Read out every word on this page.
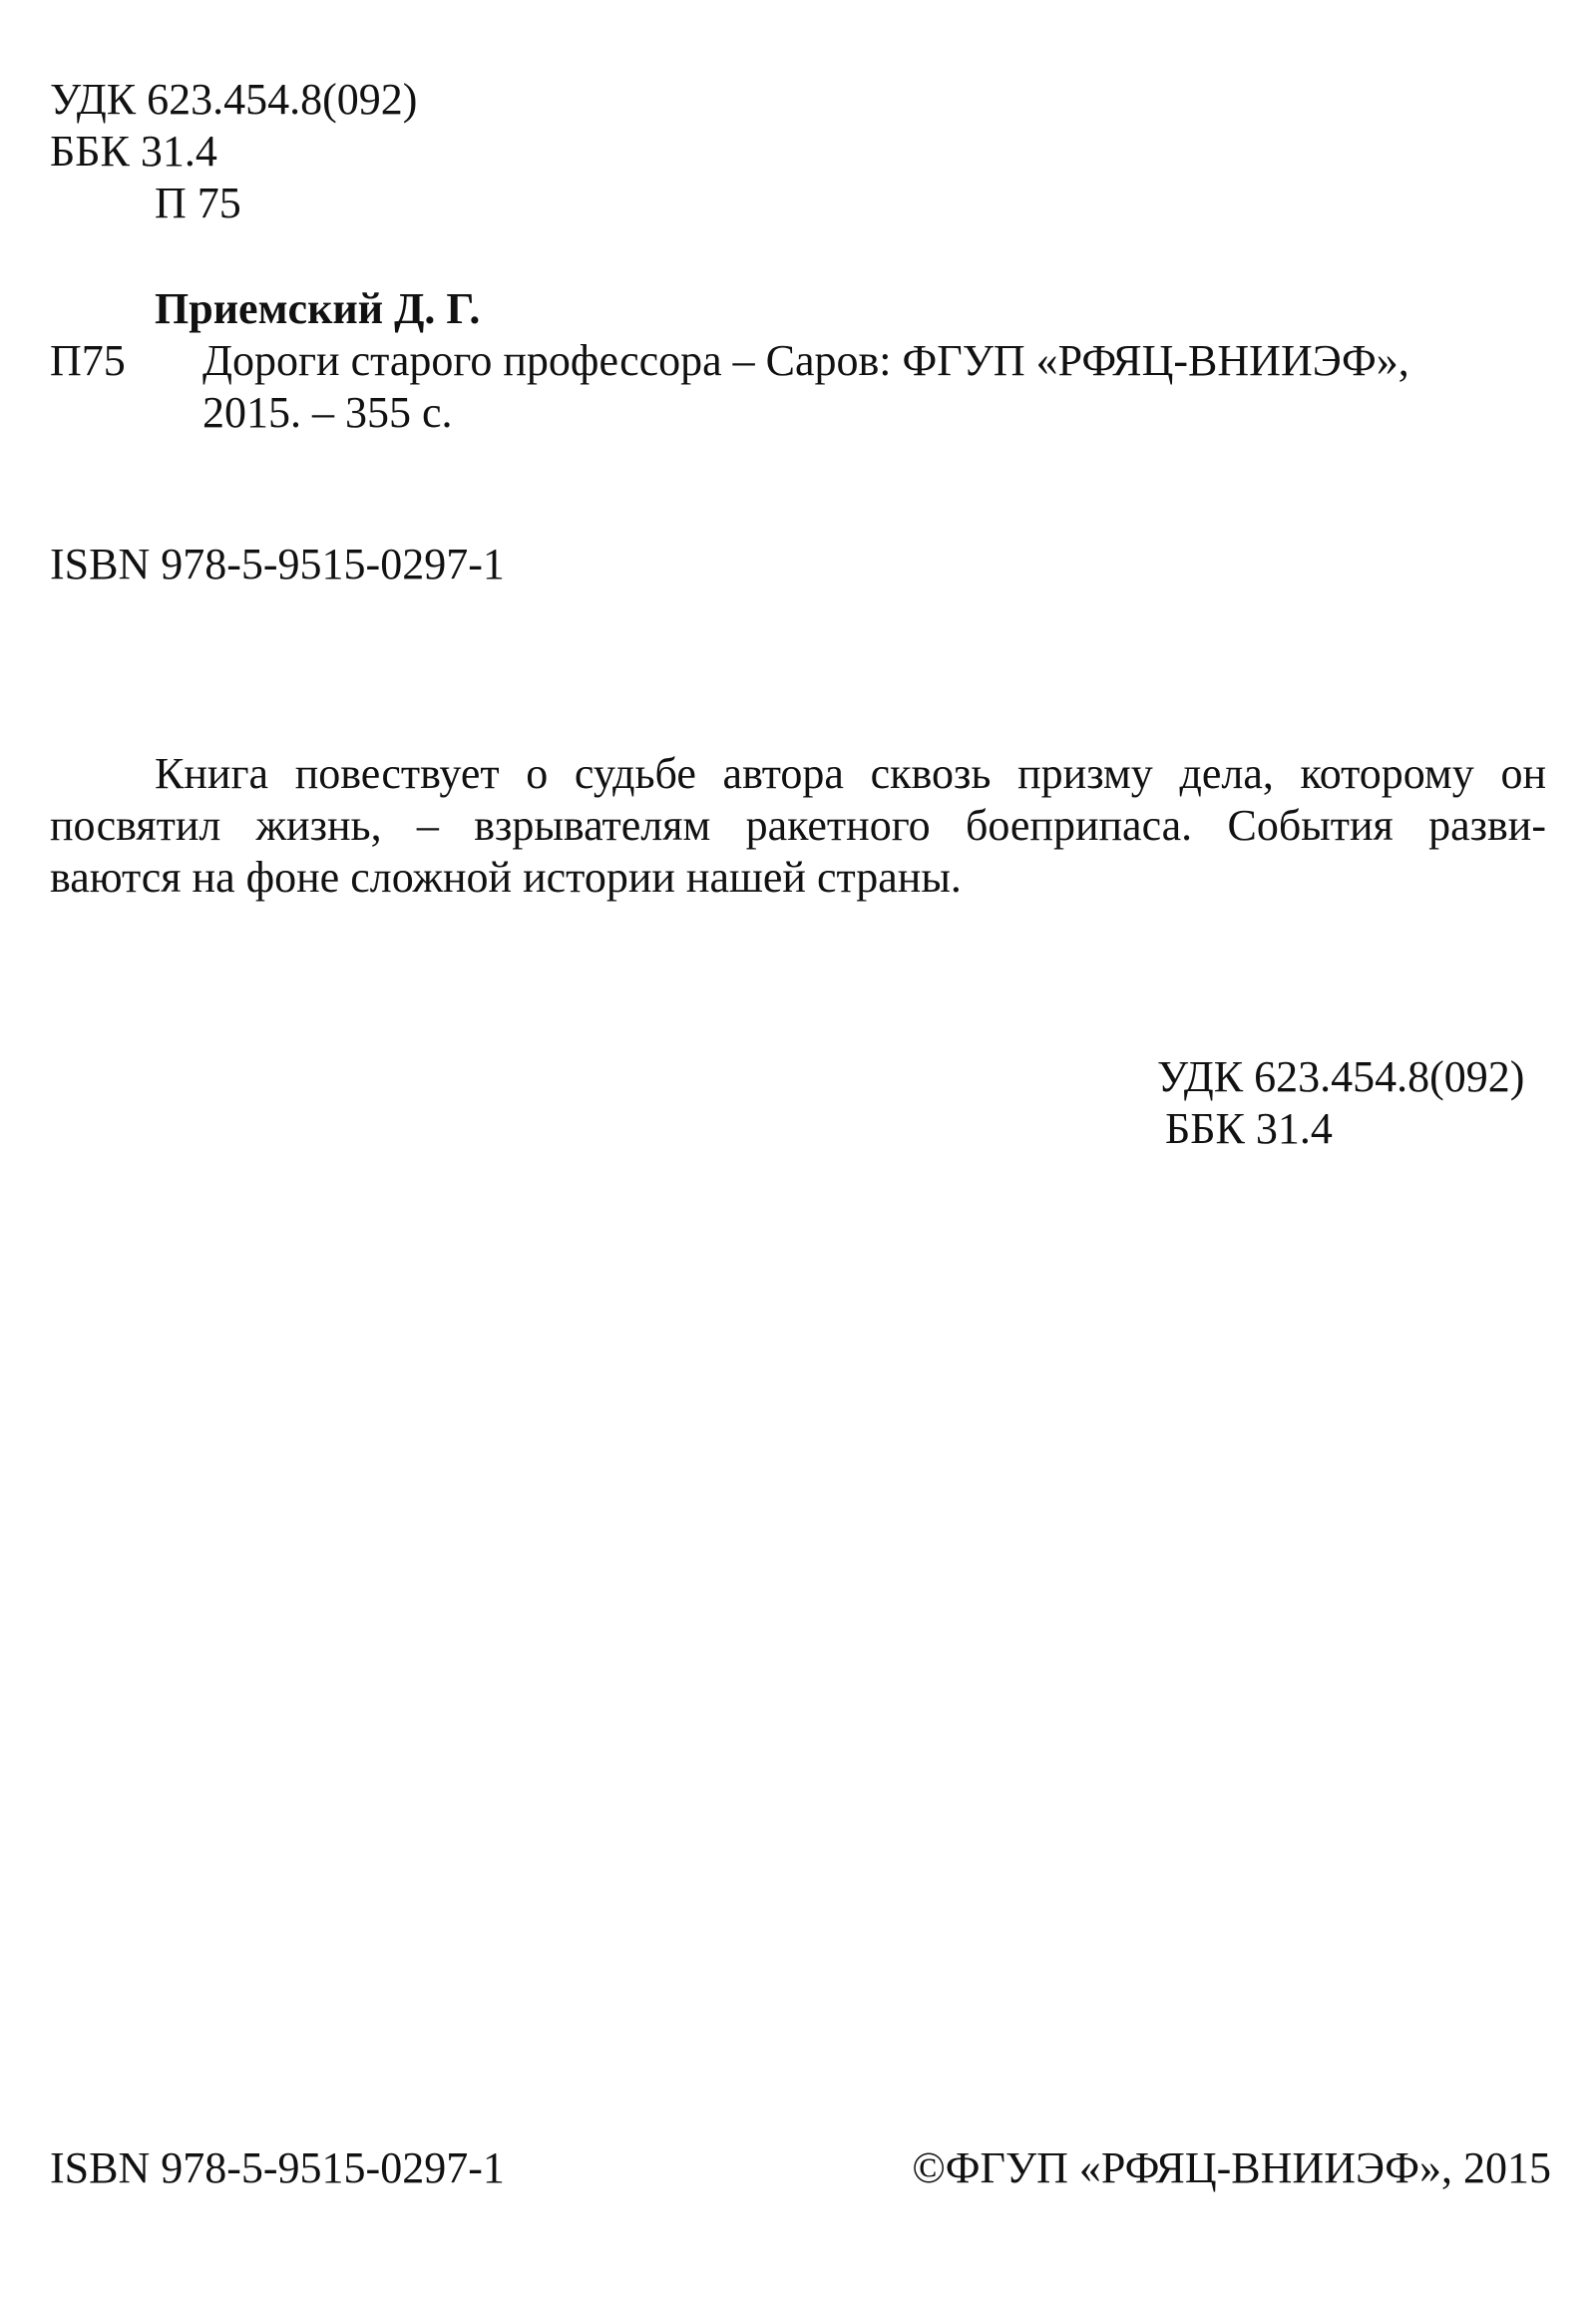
УДК 623.454.8(092)
ББК 31.4
П 75
Приемский Д. Г.
П75 Дороги старого профессора – Саров: ФГУП «РФЯЦ-ВНИИЭФ»,
2015. – 355 с.
ISBN 978-5-9515-0297-1
Книга повествует о судьбе автора сквозь призму дела, которому он
посвятил жизнь, – взрывателям ракетного боеприпаса. События разви-
ваются на фоне сложной истории нашей страны.
УДК 623.454.8(092)
ББК 31.4
ISBN 978-5-9515-0297-1	©ФГУП «РФЯЦ-ВНИИЭФ», 2015
